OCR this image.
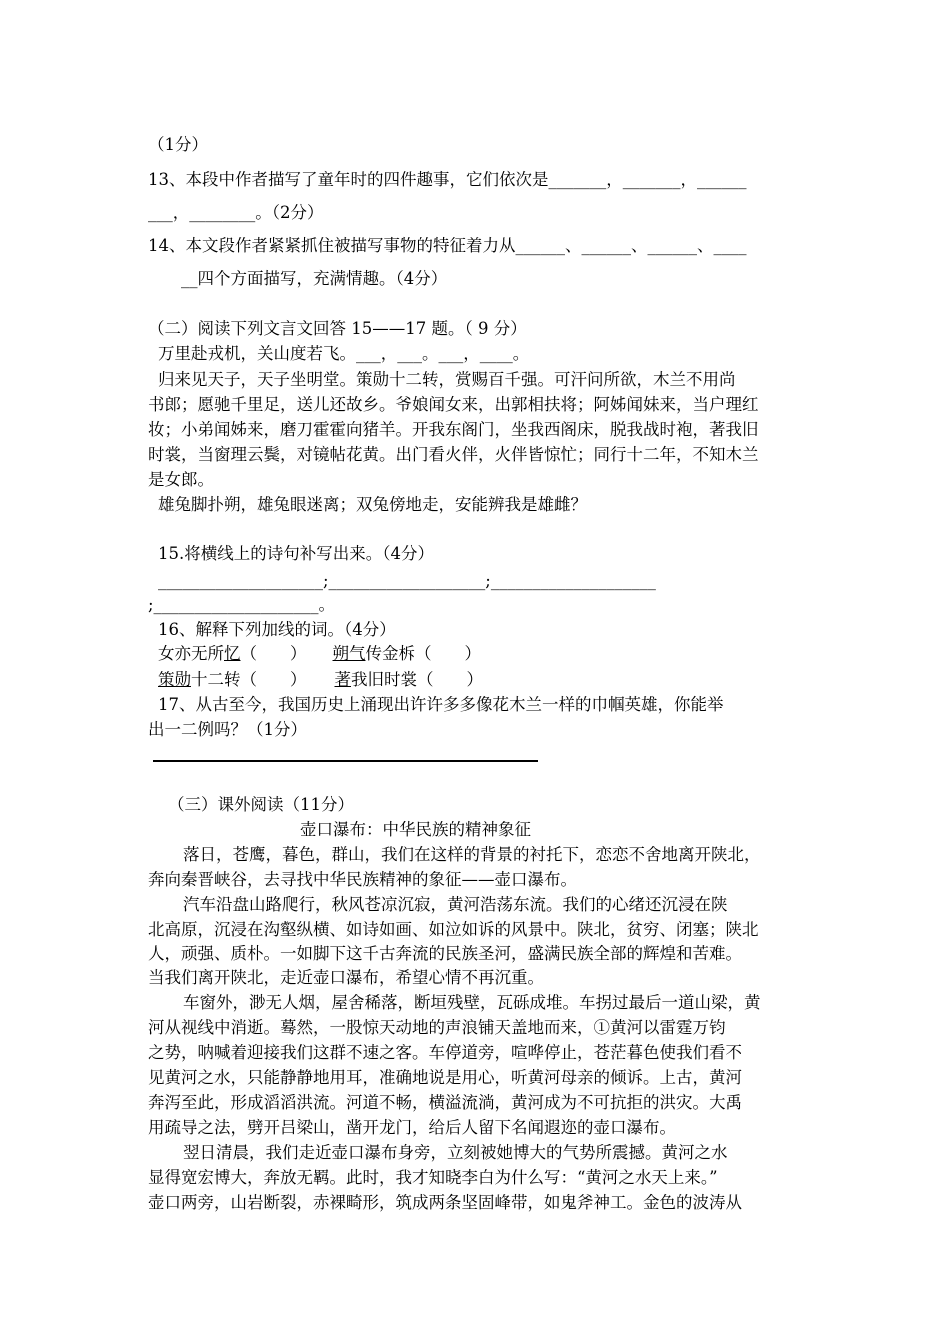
（1分）
13、本段中作者描写了童年时的四件趣事，它们依次是_______，_______，______
___，________。（2分）
14、本文段作者紧紧抓住被描写事物的特征着力从______、______、______、____
__四个方面描写，充满情趣。（4分）
（二）阅读下列文言文回答 15——17 题。（ 9 分）
万里赴戎机，关山度若飞。___，___。___，____。
归来见天子，天子坐明堂。策勋十二转，赏赐百千强。可汗问所欲，木兰不用尚
书郎；愿驰千里足，送儿还故乡。爷娘闻女来，出郭相扶将；阿姊闻妹来，当户理红
妆；小弟闻姊来，磨刀霍霍向猪羊。开我东阁门，坐我西阁床，脱我战时袍，著我旧
时裳，当窗理云鬓，对镜帖花黄。出门看火伴，火伴皆惊忙；同行十二年，不知木兰
是女郎。
雄兔脚扑朔，雄兔眼迷离；双兔傍地走，安能辨我是雄雌？
15.将横线上的诗句补写出来。（4分）
____________________;___________________;____________________
;____________________。
16、解释下列加线的词。（4分）
女亦无所忆（　　） 朔气传金柝（　　）
策勋十二转（　　） 著我旧时裳（　　）
17、从古至今，我国历史上涌现出许许多多像花木兰一样的巾帼英雄，你能举
出一二例吗？（1分）
（三）课外阅读（11分）
壶口瀑布：中华民族的精神象征
落日，苍鹰，暮色，群山，我们在这样的背景的衬托下，恋恋不舍地离开陕北，
奔向秦晋峡谷，去寻找中华民族精神的象征——壶口瀑布。
汽车沿盘山路爬行，秋风苍凉沉寂，黄河浩荡东流。我们的心绪还沉浸在陕
北高原，沉浸在沟壑纵横、如诗如画、如泣如诉的风景中。陕北，贫穷、闭塞；陕北
人，顽强、质朴。一如脚下这千古奔流的民族圣河，盛满民族全部的辉煌和苦难。
当我们离开陕北，走近壶口瀑布，希望心情不再沉重。
车窗外，渺无人烟，屋舍稀落，断垣残壁，瓦砾成堆。车拐过最后一道山梁，黄
河从视线中消逝。蓦然，一股惊天动地的声浪铺天盖地而来，①黄河以雷霆万钧
之势，呐喊着迎接我们这群不速之客。车停道旁，喧哗停止，苍茫暮色使我们看不
见黄河之水，只能静静地用耳，准确地说是用心，听黄河母亲的倾诉。上古，黄河
奔泻至此，形成滔滔洪流。河道不畅，横溢流淌，黄河成为不可抗拒的洪灾。大禹
用疏导之法，劈开吕梁山，凿开龙门，给后人留下名闻遐迩的壶口瀑布。
翌日清晨，我们走近壶口瀑布身旁，立刻被她博大的气势所震撼。黄河之水
显得宽宏博大，奔放无羁。此时，我才知晓李白为什么写：“黄河之水天上来。”
壶口两旁，山岩断裂，赤裸畸形，筑成两条坚固峰带，如鬼斧神工。金色的波涛从
